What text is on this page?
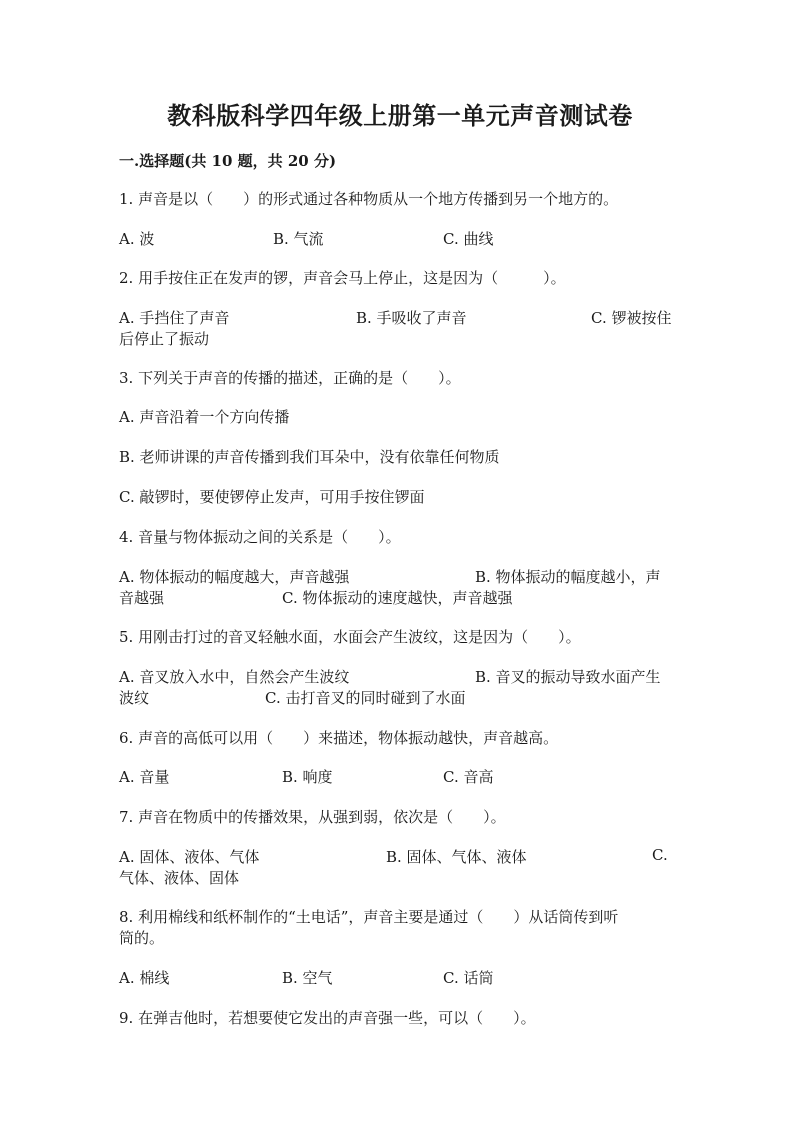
教科版科学四年级上册第一单元声音测试卷
一.选择题(共 10 题，共 20 分)
1. 声音是以（　　）的形式通过各种物质从一个地方传播到另一个地方的。
A. 波	B. 气流	C. 曲线
2. 用手按住正在发声的锣，声音会马上停止，这是因为（　　　）。
A. 手挡住了声音	B. 手吸收了声音	C. 锣被按住
后停止了振动
3. 下列关于声音的传播的描述，正确的是（　　）。
A. 声音沿着一个方向传播
B. 老师讲课的声音传播到我们耳朵中，没有依靠任何物质
C. 敲锣时，要使锣停止发声，可用手按住锣面
4. 音量与物体振动之间的关系是（　　）。
A. 物体振动的幅度越大，声音越强	B. 物体振动的幅度越小，声
音越强	C. 物体振动的速度越快，声音越强
5. 用刚击打过的音叉轻触水面，水面会产生波纹，这是因为（　　）。
A. 音叉放入水中，自然会产生波纹	B. 音叉的振动导致水面产生
波纹	C. 击打音叉的同时碰到了水面
6. 声音的高低可以用（　　）来描述，物体振动越快，声音越高。
A. 音量	B. 响度	C. 音高
7. 声音在物质中的传播效果，从强到弱，依次是（　　）。
A. 固体、液体、气体	B. 固体、气体、液体	C.
气体、液体、固体
8. 利用棉线和纸杯制作的“土电话”，声音主要是通过（　　）从话筒传到听
筒的。
A. 棉线	B. 空气	C. 话筒
9. 在弹吉他时，若想要使它发出的声音强一些，可以（　　）。
